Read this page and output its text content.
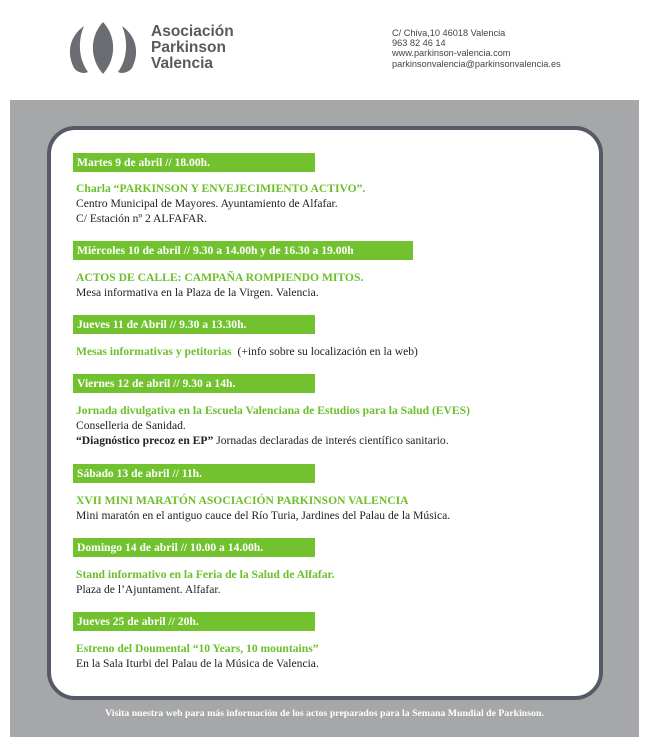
Asociación
Parkinson
Valencia
C/ Chiva,10 46018 Valencia
963 82 46 14
www.parkinson-valencia.com
parkinsonvalencia@parkinsonvalencia.es
Martes 9 de abril // 18.00h.
Charla “PARKINSON Y ENVEJECIMIENTO ACTIVO”.
Centro Municipal de Mayores. Ayuntamiento de Alfafar.
C/ Estación nº 2 ALFAFAR.
Miércoles 10 de abril // 9.30 a 14.00h y de 16.30 a 19.00h
ACTOS DE CALLE: CAMPAÑA ROMPIENDO MITOS.
Mesa informativa en la Plaza de la Virgen. Valencia.
Jueves 11 de Abril // 9.30 a 13.30h.
Mesas informativas y petitorias (+info sobre su localización en la web)
Viernes 12 de abril // 9.30 a 14h.
Jornada divulgativa en la Escuela Valenciana de Estudios para la Salud (EVES)
Conselleria de Sanidad.
“Diagnóstico precoz en EP” Jornadas declaradas de interés científico sanitario.
Sábado 13 de abril // 11h.
XVII MINI MARATÓN ASOCIACIÓN PARKINSON VALENCIA
Mini maratón en el antiguo cauce del Río Turia, Jardines del Palau de la Música.
Domingo 14 de abril // 10.00 a 14.00h.
Stand informativo en la Feria de la Salud de Alfafar.
Plaza de l’Ajuntament. Alfafar.
Jueves 25 de abril // 20h.
Estreno del Doumental “10 Years, 10 mountains”
En la Sala Iturbi del Palau de la Música de Valencia.
Visita nuestra web para más información de los actos preparados para la Semana Mundial de Parkinson.
